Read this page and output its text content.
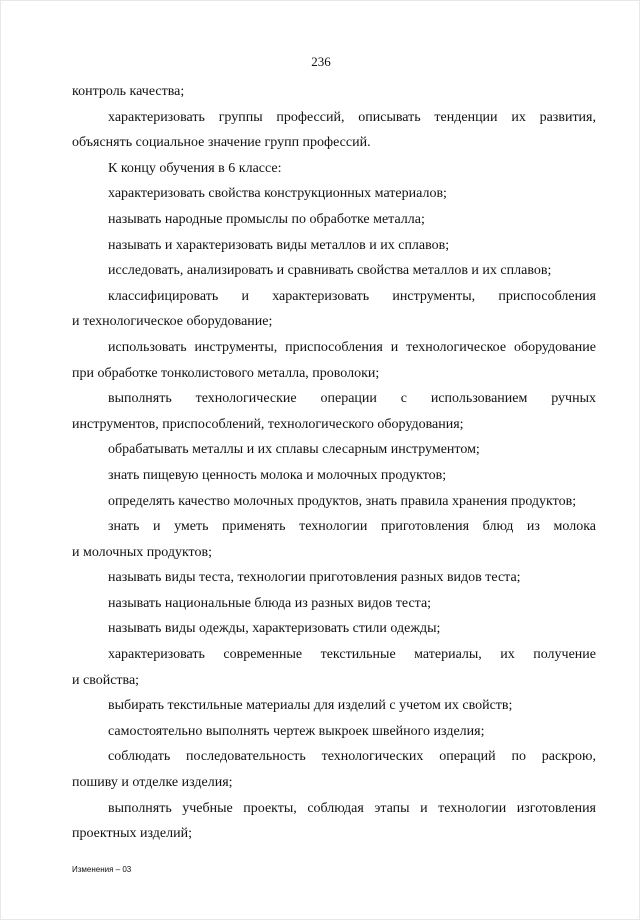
236
контроль качества;
характеризовать группы профессий, описывать тенденции их развития,
объяснять социальное значение групп профессий.
К концу обучения в 6 классе:
характеризовать свойства конструкционных материалов;
называть народные промыслы по обработке металла;
называть и характеризовать виды металлов и их сплавов;
исследовать, анализировать и сравнивать свойства металлов и их сплавов;
классифицировать и характеризовать инструменты, приспособления
и технологическое оборудование;
использовать инструменты, приспособления и технологическое оборудование
при обработке тонколистового металла, проволоки;
выполнять технологические операции с использованием ручных
инструментов, приспособлений, технологического оборудования;
обрабатывать металлы и их сплавы слесарным инструментом;
знать пищевую ценность молока и молочных продуктов;
определять качество молочных продуктов, знать правила хранения продуктов;
знать и уметь применять технологии приготовления блюд из молока
и молочных продуктов;
называть виды теста, технологии приготовления разных видов теста;
называть национальные блюда из разных видов теста;
называть виды одежды, характеризовать стили одежды;
характеризовать современные текстильные материалы, их получение
и свойства;
выбирать текстильные материалы для изделий с учетом их свойств;
самостоятельно выполнять чертеж выкроек швейного изделия;
соблюдать последовательность технологических операций по раскрою,
пошиву и отделке изделия;
выполнять учебные проекты, соблюдая этапы и технологии изготовления
проектных изделий;
Изменения – 03
